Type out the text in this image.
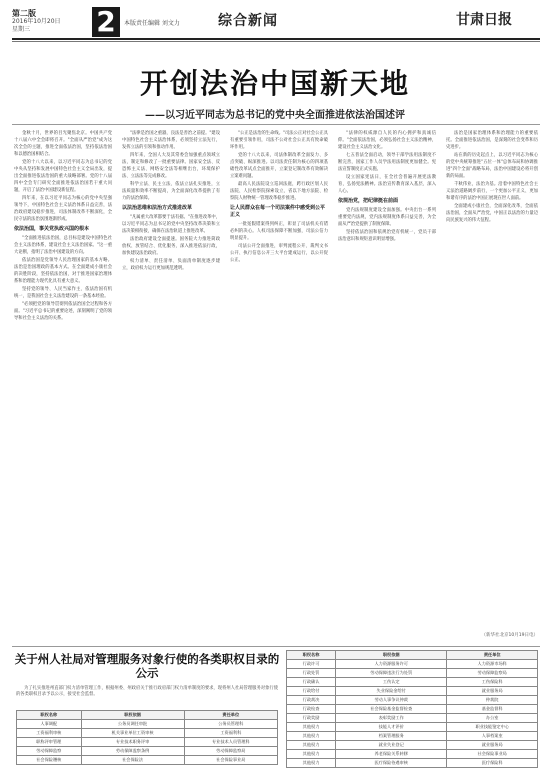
第二版
2016年10月20日
星期三	2	本版责任编辑 刘文力	综合新闻	甘肃日报
开创法治中国新天地
——以习近平同志为总书记的党中央全面推进依法治国述评

金秋十月，世界的目光聚焦北京。中国共产党十八届六中全会即将召开。"全面从严治党"成为这次全会的主题，推进全面依法治国，坚持依法治国和以德治国相结合。

党的十八大以来，以习近平同志为总书记的党中央从坚持和发展中国特色社会主义全局出发，提出全面推进依法治国的重大战略部署。党的十八届四中全会专门研究全面推进依法治国若干重大问题，开启了法治中国建设新征程。

四年来，在以习近平同志为核心的党中央坚强领导下，中国特色社会主义法治体系日益完善，法治政府建设稳步推进，司法体制改革不断深化，全民守法的法治氛围逐渐形成。

依法治国，事关党执政兴国的根本

"全面推进依法治国，总目标是建设中国特色社会主义法治体系，建设社会主义法治国家。"这一重大论断，指明了法治中国建设的方向。

依法治国是党领导人民治理国家的基本方略。法治是治国理政的基本方式。在全面建成小康社会的决胜阶段，坚持依法治国，对于推进国家治理体系和治理能力现代化具有重大意义。

坚持党的领导、人民当家作主、依法治国有机统一，是我国社会主义法治建设的一条基本经验。

"必须把党的领导贯彻到依法治国全过程和各方面。"习近平总书记的重要论述，深刻阐明了党的领导和社会主义法治的关系。

"法律是治国之重器，良法是善治之前提。"建设中国特色社会主义法治体系，必须坚持立法先行，发挥立法的引领和推动作用。

四年来，全国人大及其常委会加强重点领域立法，制定和修改了一批重要法律。国家安全法、反恐怖主义法、网络安全法等相继出台，环境保护法、立法法等完成修改。

科学立法、民主立法、依法立法扎实推进，立法质量和效率不断提高，为全面深化改革提供了有力的法治保障。

以法治思维和法治方式推进改革

"凡属重大改革都要于法有据。"在推进改革中，以习近平同志为总书记的党中央坚持改革决策和立法决策相衔接，确保在法治轨道上推进改革。

法治政府建设全面提速。国务院大力推进简政放权、放管结合、优化服务，深入推进依法行政，加快建设法治政府。

权力清单、责任清单、负面清单制度逐步建立，政府权力运行更加规范透明。

"公正是法治的生命线。"司法公正对社会公正具有重要引领作用，司法不公对社会公正具有致命破坏作用。

党的十八大以来，司法体制改革全面发力、多点突破、纵深推进。以司法责任制为核心的四项基础性改革试点全面推开，立案登记制改革有效解决立案难问题。

最高人民法院设立巡回法庭，跨行政区划人民法院、人民检察院探索设立，省以下地方法院、检察院人财物统一管理改革稳步推进。

让人民群众在每一个司法案件中感受到公平正义

一批冤假错案得到纠正，彰显了司法机关有错必纠的决心。人权司法保障不断加强，司法公信力明显提升。

司法公开全面推进，审判流程公开、裁判文书公开、执行信息公开三大平台建成运行，以公开促公正。

"法律的权威源自人民的内心拥护和真诚信仰。"全面依法治国，必须弘扬社会主义法治精神，建设社会主义法治文化。

七五普法全面启动，领导干部学法用法制度不断完善，国家工作人员学法用法制度更加健全。宪法宣誓制度正式实施。

设立国家宪法日，在全社会普遍开展宪法教育，弘扬宪法精神。法治宣传教育深入基层、深入人心。

依规治党，把纪律挺在前面

党内法规制度建设全面加强。中央出台一系列重要党内法规，党内法规制度体系日益完善，为全面从严治党提供了制度保障。

坚持依法治国和依规治党有机统一，党员干部法治意识和规矩意识明显增强。

法治是国家治理体系和治理能力的重要依托。全面推进依法治国，是深刻的社会变革和历史进步。

站在新的历史起点上，以习近平同志为核心的党中央统筹推进"五位一体"总体布局和协调推进"四个全面"战略布局，法治中国建设必将开创新的局面。

千秋伟业，法治为基。沿着中国特色社会主义法治道路阔步前行，一个更加公平正义、更加和谐有序的法治中国正展现在世人面前。

全面建成小康社会，全面深化改革，全面依法治国，全面从严治党，中国正以法治的力量迈向民族复兴的伟大征程。

（新华社北京10月19日电）
关于州人社局对管理服务对象行使的各类职权目录的公示
为了扎实推进州直部门权力清单管理工作，根据州委、州政府关于推行政府部门权力清单制度的要求，现将州人社局管理服务对象行使的各类职权目录予以公示，接受社会监督。
职权名称	职权依据	责任单位
人事调配	公务员调任审批	公务员管理科
工资福利审核	机关事业单位工资审核	工资福利科
职称评审管理	专业技术职务评审	专业技术人员管理科
劳动保障监察	劳动保障监察条例	劳动保障监察局
社会保险稽核	社会保险法	社会保险事业局
职权名称	职权依据	责任单位
行政许可	人力资源服务许可	人力资源市场科
行政处罚	劳动保障违法行为处罚	劳动保障监察局
行政确认	工伤认定	工伤保险科
行政给付	失业保险金给付	就业服务局
行政裁决	劳动人事争议仲裁	仲裁院
行政检查	社会保险基金监督检查	基金监督科
行政奖励	表彰奖励工作	办公室
其他权力	技能人才评价	职业技能鉴定中心
其他权力	档案管理服务	人事档案室
其他权力	就业失业登记	就业服务局
其他权力	养老保险关系转移	社会保险事业局
其他权力	医疗保险待遇审核	医疗保险科
